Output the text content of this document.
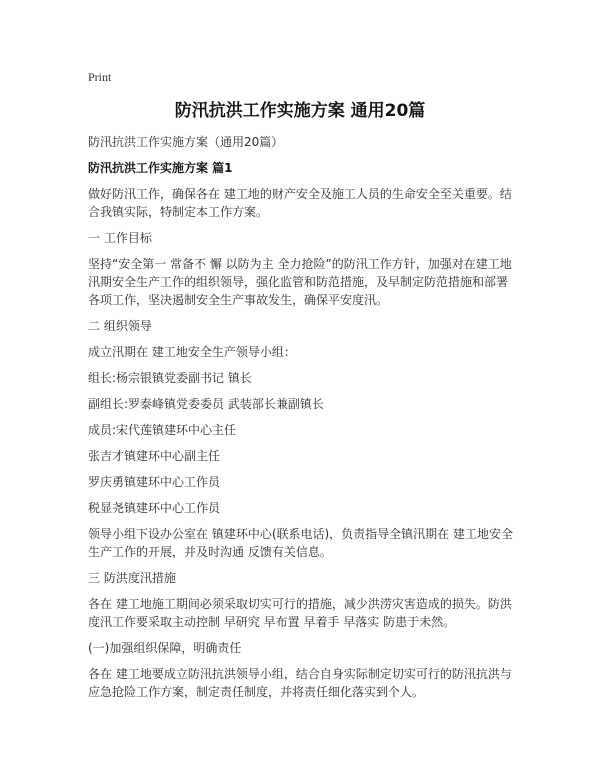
Print
防汛抗洪工作实施方案 通用20篇

防汛抗洪工作实施方案（通用20篇）

防汛抗洪工作实施方案 篇1

做好防汛工作，确保各在 建工地的财产安全及施工人员的生命安全至关重要。结合我镇实际，特制定本工作方案。

一 工作目标

坚持“安全第一 常备不 懈 以防为主 全力抢险”的防汛工作方针，加强对在建工地汛期安全生产工作的组织领导，强化监管和防范措施，及早制定防范措施和部署各项工作，坚决遏制安全生产事故发生，确保平安度汛。

二 组织领导

成立汛期在 建工地安全生产领导小组：

组长:杨宗银镇党委副书记 镇长

副组长:罗泰峰镇党委委员 武装部长兼副镇长

成员:宋代莲镇建环中心主任

张吉才镇建环中心副主任

罗庆勇镇建环中心工作员

税显尧镇建环中心工作员

领导小组下设办公室在 镇建环中心(联系电话)，负责指导全镇汛期在 建工地安全生产工作的开展，并及时沟通 反馈有关信息。

三 防洪度汛措施

各在 建工地施工期间必须采取切实可行的措施，减少洪涝灾害造成的损失。防洪度汛工作要采取主动控制 早研究 早布置 早着手 早落实 防患于未然。

(一)加强组织保障，明确责任

各在 建工地要成立防汛抗洪领导小组，结合自身实际制定切实可行的防汛抗洪与应急抢险工作方案，制定责任制度，并将责任细化落实到个人。
